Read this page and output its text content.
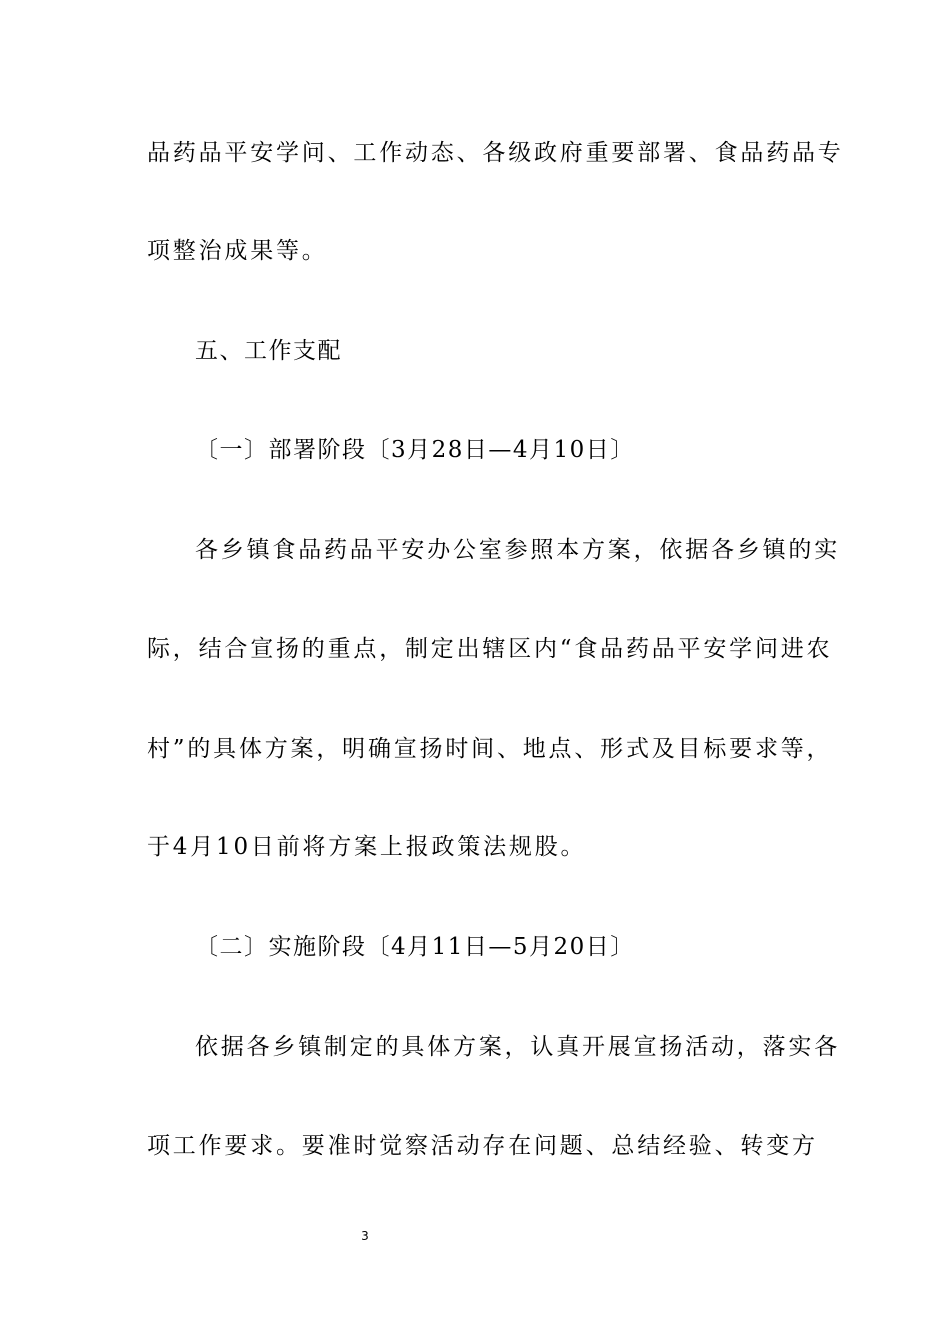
品药品平安学问、工作动态、各级政府重要部署、食品药品专
项整治成果等。
五、工作支配
〔一〕部署阶段〔3月28日—4月10日〕
各乡镇食品药品平安办公室参照本方案，依据各乡镇的实
际，结合宣扬的重点，制定出辖区内“食品药品平安学问进农
村”的具体方案，明确宣扬时间、地点、形式及目标要求等，
于4月10日前将方案上报政策法规股。
〔二〕实施阶段〔4月11日—5月20日〕
依据各乡镇制定的具体方案，认真开展宣扬活动，落实各
项工作要求。要准时觉察活动存在问题、总结经验、转变方
3
